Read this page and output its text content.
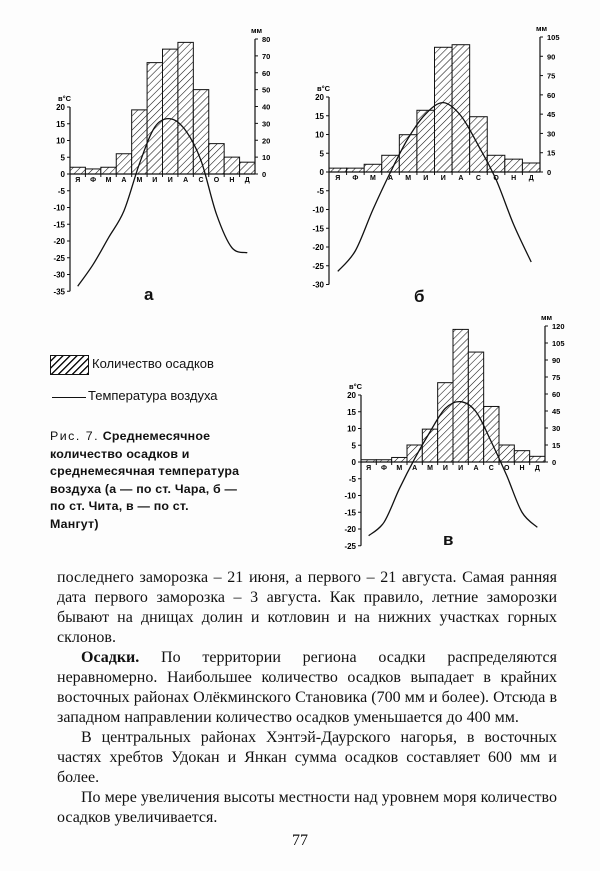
20
15
10
5
0
-5
-10
-15
-20
-25
-30
-35
0
10
20
30
40
50
60
70
80
в°С
мм
Я Ф М А М И И А С О Н Д
20
15
10
5
0
-5
-10
-15
-20
-25
-30
0
15
30
45
60
75
90
105
в°С
мм
Я Ф М А М И И А С О Н Д
20
15
10
5
0
-5
-10
-15
-20
-25
0
15
30
45
60
75
90
105
120
в°С
мм
Я Ф М А М И И А С О Н Д
а	б
в
Количество осадков
Температура воздуха
Рис. 7. Среднемесячное количество осадков и среднемесячная температура воздуха (а — по ст. Чара, б — по ст. Чита, в — по ст. Мангут)

последнего заморозка – 21 июня, а первого – 21 августа. Самая ранняя дата первого заморозка – 3 августа. Как правило, летние заморозки бывают на днищах долин и котловин и на нижних участках горных склонов.

Осадки. По территории региона осадки распределяются неравномерно. Наибольшее количество осадков выпадает в крайних восточных районах Олёкминского Становика (700 мм и более). Отсюда в западном направлении количество осадков уменьшается до 400 мм.

В центральных районах Хэнтэй-Даурского нагорья, в восточных частях хребтов Удокан и Янкан сумма осадков составляет 600 мм и более.

По мере увеличения высоты местности над уровнем моря количество осадков увеличивается.

77
